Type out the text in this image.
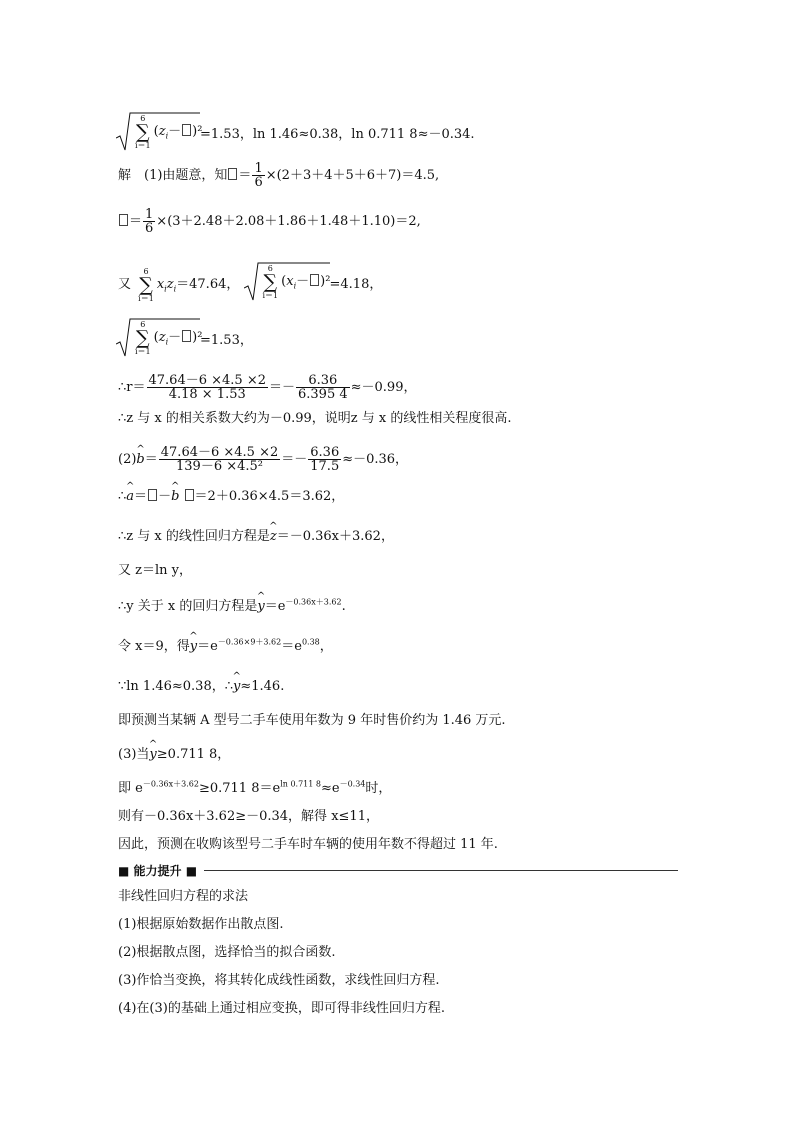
6
∑
$i=1(z_i- )^2$
=1.53，ln 1.46≈0.38，ln 0.711 8≈－0.34.
解　(1)由题意，知 ＝ $\frac{1}{6} \times(2+3+4+5+6+7)=4.5$,
＝ $\frac{1}{6} \times(3+2.48+2.08+1.86+1.48+1.10)=2$,
又 6
∑
$i=1x_iz_i=47.64$，
6
∑
$i=1(x_i- )^2 =4.18$，
6
∑
$i=1(z_i- )^2$
=1.53，
∴r＝ $\frac{47.64-6 \times 4.5 \times 2}{4.18 \times 1.53} =- \frac{6.36}{6.395 4} \approx-0.99$，
∴z 与 x 的相关系数大约为－0.99，说明z 与 x 的线性相关程度很高.
(2)^ $b= \frac{47.64-6 \times 4.5 \times 2}{\text{139－6 ×4.5²}} =- \frac{6.36}{17.5} \approx-0.36$，
∴^ a＝ －^ b ＝2＋0.36×4.5＝3.62，
∴z 与 x 的线性回归方程是^ z＝－0.36x＋3.62，
又 z＝ln y，
∴y 关于 x 的回归方程是^ $y=e^{-0.36x+3.62}$.
令 x＝9，得^ $y=e^{-0.36\times 9+3.62}=e^{0.38}$，
∵ln 1.46≈0.38，∴^ y≈1.46.
即预测当某辆 A 型号二手车使用年数为 9 年时售价约为 1.46 万元.
(3)当^ y≥0.711 8，
即 $e^{-0.36x+3.62}\ge 0.711$ $8=e^{ln 0.711 8}\approx e^{-0.34}$时，
则有－0.36x＋3.62≥－0.34，解得 x≤11，
因此，预测在收购该型号二手车时车辆的使用年数不得超过 11 年.
■ 能力提升 ■
非线性回归方程的求法
(1)根据原始数据作出散点图.
(2)根据散点图，选择恰当的拟合函数.
(3)作恰当变换，将其转化成线性函数，求线性回归方程.
(4)在(3)的基础上通过相应变换，即可得非线性回归方程.
